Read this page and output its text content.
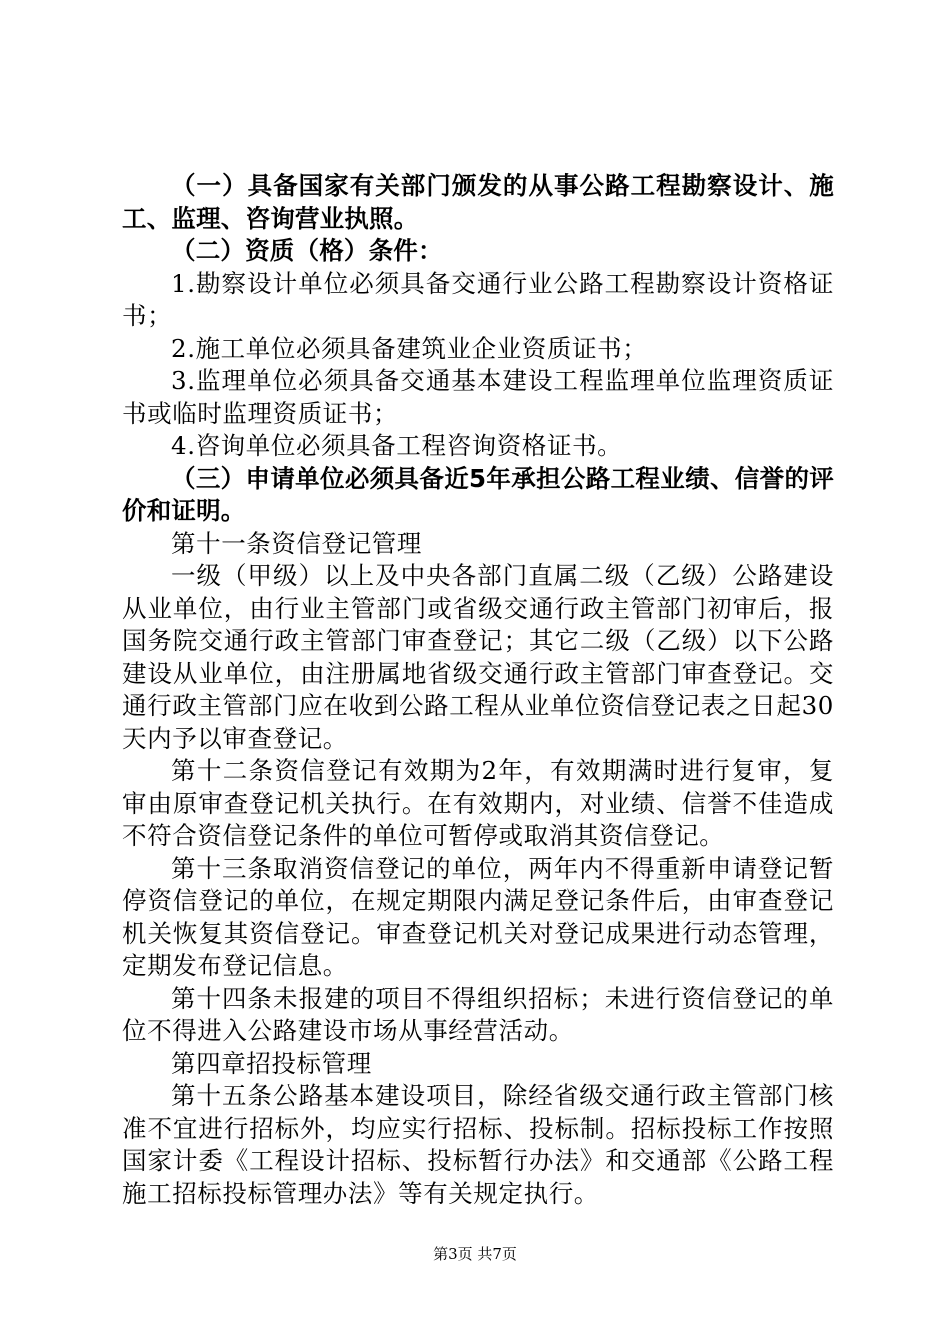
（一）具备国家有关部门颁发的从事公路工程勘察设计、施工、监理、咨询营业执照。

（二）资质（格）条件：

1.勘察设计单位必须具备交通行业公路工程勘察设计资格证书；

2.施工单位必须具备建筑业企业资质证书；

3.监理单位必须具备交通基本建设工程监理单位监理资质证书或临时监理资质证书；

4.咨询单位必须具备工程咨询资格证书。

（三）申请单位必须具备近5年承担公路工程业绩、信誉的评价和证明。

第十一条资信登记管理

一级（甲级）以上及中央各部门直属二级（乙级）公路建设从业单位，由行业主管部门或省级交通行政主管部门初审后，报国务院交通行政主管部门审查登记；其它二级（乙级）以下公路建设从业单位，由注册属地省级交通行政主管部门审查登记。交通行政主管部门应在收到公路工程从业单位资信登记表之日起30天内予以审查登记。

第十二条资信登记有效期为2年，有效期满时进行复审，复审由原审查登记机关执行。在有效期内，对业绩、信誉不佳造成不符合资信登记条件的单位可暂停或取消其资信登记。

第十三条取消资信登记的单位，两年内不得重新申请登记暂停资信登记的单位，在规定期限内满足登记条件后，由审查登记机关恢复其资信登记。审查登记机关对登记成果进行动态管理，定期发布登记信息。

第十四条未报建的项目不得组织招标；未进行资信登记的单位不得进入公路建设市场从事经营活动。

第四章招投标管理

第十五条公路基本建设项目，除经省级交通行政主管部门核准不宜进行招标外，均应实行招标、投标制。招标投标工作按照国家计委《工程设计招标、投标暂行办法》和交通部《公路工程施工招标投标管理办法》等有关规定执行。

第3页 共7页
